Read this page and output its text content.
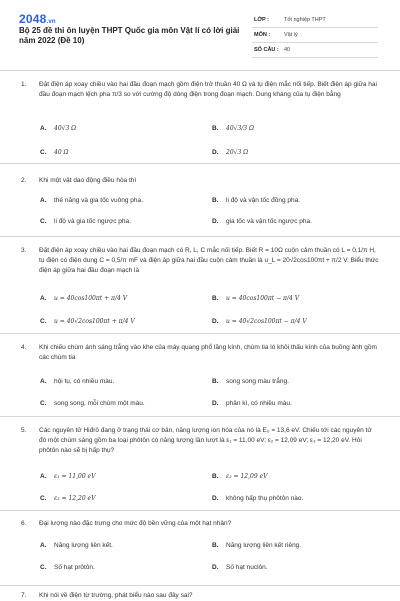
2048.vn
Bộ 25 đề thi ôn luyện THPT Quốc gia môn Vật lí có lời giải năm 2022 (Đề 10)
LỚP :	Tốt nghiệp THPT
MÔN :	Vật lý
SỐ CÂU : 40
1. Đặt điện áp xoay chiều vào hai đầu đoạn mạch gồm điện trở thuần 40 Ω và tụ điện mắc nối tiếp. Biết điện áp giữa hai đầu đoạn mạch lệch pha π/3 so với cường độ dòng điện trong đoạn mạch. Dung kháng của tụ điện bằng
A. 40√3 Ω	B. 40√3/3 Ω
C. 40 Ω	D. 20√3 Ω
2. Khi một vật dao động điều hòa thì
A. thế năng và gia tốc vuông pha.	B. li độ và vận tốc đồng pha.
C. li độ và gia tốc ngược pha.	D. gia tốc và vận tốc ngược pha.
3. Đặt điện áp xoay chiều vào hai đầu đoạn mạch có R, L, C mắc nối tiếp. Biết R = 10Ω cuộn cảm thuần có L = 0,1/π H, tụ điện có điện dung C = 0,5/π mF và điện áp giữa hai đầu cuộn cảm thuần là u_L = 20√2cos100πt + π/2 V. Biểu thức điện áp giữa hai đầu đoạn mạch là
A. u = 40cos100πt + π/4 V	B. u = 40cos100πt − π/4 V
C. u = 40√2cos100πt + π/4 V	D. u = 40√2cos100πt − π/4 V
4. Khi chiếu chùm ánh sáng trắng vào khe của máy quang phổ lăng kính, chùm tia ló khỏi thấu kính của buồng ảnh gồm các chùm tia
A. hội tụ, có nhiều màu.	B. song song màu trắng.
C. song song, mỗi chùm một màu.	D. phân kì, có nhiều màu.
5. Các nguyên tử Hiđrô đang ở trạng thái cơ bản, năng lượng ion hóa của nó là E₀ = 13,6 eV. Chiếu tới các nguyên tử đó một chùm sáng gồm ba loại phôtôn có năng lượng lần lượt là ε₁ = 11,00 eV; ε₂ = 12,09 eV; ε₃ = 12,20 eV. Hỏi phôtôn nào sẽ bị hấp thụ?
A. ε₁ = 11,00 eV	B. ε₂ = 12,09 eV
C. ε₃ = 12,20 eV	D. không hấp thụ phôtôn nào.
6. Đại lượng nào đặc trưng cho mức độ bền vững của một hạt nhân?
A. Năng lượng liên kết.	B. Năng lượng liên kết riêng.
C. Số hạt prôtôn.	D. Số hạt nuclôn.
7. Khi nói về điện từ trường, phát biểu nào sau đây sai?
